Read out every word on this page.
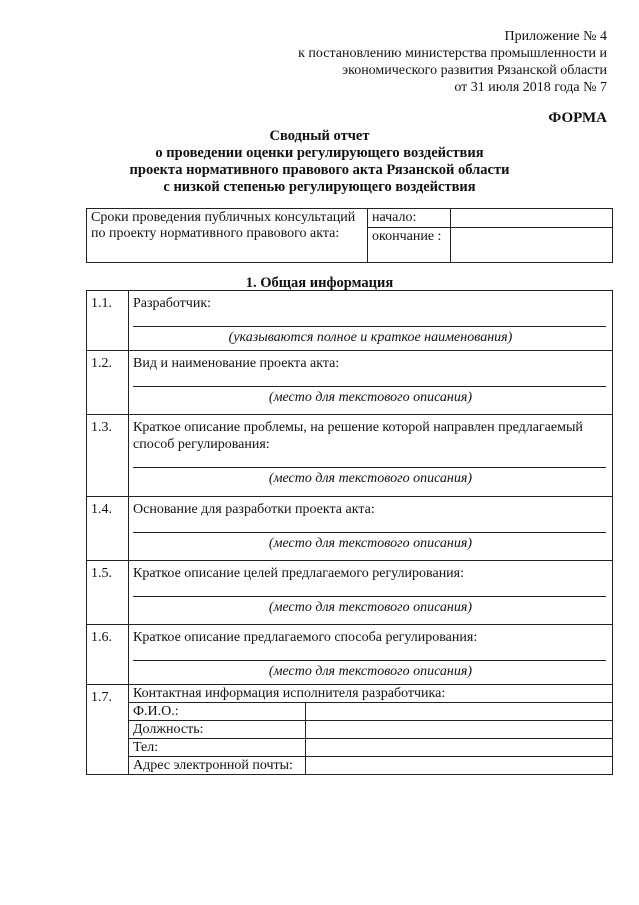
Приложение № 4
к постановлению министерства промышленности и
экономического развития Рязанской области
от 31 июля 2018 года № 7
ФОРМА
Сводный отчет
о проведении оценки регулирующего воздействия
проекта нормативного правового акта Рязанской области
с низкой степенью регулирующего воздействия
Сроки проведения публичных консультаций по проекту нормативного правового акта:	начало:	
	окончание :	
1. Общая информация
1.1.	Разработчик:
(указываются полное и краткое наименования)

1.2.	Вид и наименование проекта акта:
(место для текстового описания)

1.3.	Краткое описание проблемы, на решение которой направлен предлагаемый способ регулирования:
(место для текстового описания)

1.4.	Основание для разработки проекта акта:
(место для текстового описания)

1.5.	Краткое описание целей предлагаемого регулирования:
(место для текстового описания)

1.6.	Краткое описание предлагаемого способа регулирования:
(место для текстового описания)

1.7.	Контактная информация исполнителя разработчика:
Ф.И.О.:	
Должность:	
Тел:	
Адрес электронной почты:	
